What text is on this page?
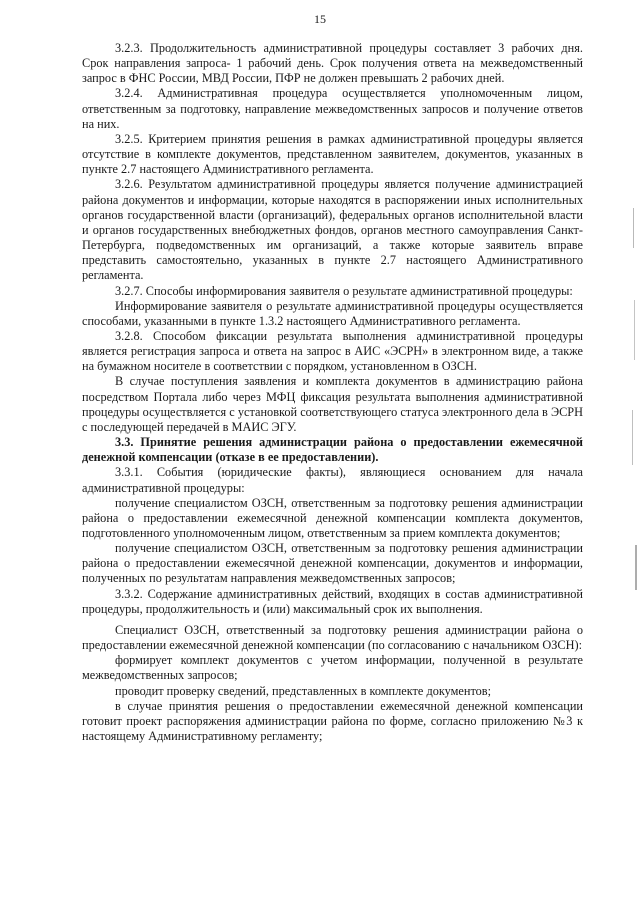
15

3.2.3. Продолжительность административной процедуры составляет 3 рабочих дня. Срок направления запроса- 1 рабочий день. Срок получения ответа на межведомственный запрос в ФНС России, МВД России, ПФР не должен превышать 2 рабочих дней.

3.2.4. Административная процедура осуществляется уполномоченным лицом, ответственным за подготовку, направление межведомственных запросов и получение ответов на них.

3.2.5. Критерием принятия решения в рамках административной процедуры является отсутствие в комплекте документов, представленном заявителем, документов, указанных в пункте 2.7 настоящего Административного регламента.

3.2.6. Результатом административной процедуры является получение администрацией района документов и информации, которые находятся в распоряжении иных исполнительных органов государственной власти (организаций), федеральных органов исполнительной власти и органов государственных внебюджетных фондов, органов местного самоуправления Санкт-Петербурга, подведомственных им организаций, а также которые заявитель вправе представить самостоятельно, указанных в пункте 2.7 настоящего Административного регламента.

3.2.7. Способы информирования заявителя о результате административной процедуры:

Информирование заявителя о результате административной процедуры осуществляется способами, указанными в пункте 1.3.2 настоящего Административного регламента.

3.2.8. Способом фиксации результата выполнения административной процедуры является регистрация запроса и ответа на запрос в АИС «ЭСРН» в электронном виде, а также на бумажном носителе в соответствии с порядком, установленном в ОЗСН.

В случае поступления заявления и комплекта документов в администрацию района посредством Портала либо через МФЦ фиксация результата выполнения административной процедуры осуществляется с установкой соответствующего статуса электронного дела в ЭСРН с последующей передачей в МАИС ЭГУ.

3.3. Принятие решения администрации района о предоставлении ежемесячной денежной компенсации (отказе в ее предоставлении).

3.3.1. События (юридические факты), являющиеся основанием для начала административной процедуры:

получение специалистом ОЗСН, ответственным за подготовку решения администрации района о предоставлении ежемесячной денежной компенсации комплекта документов, подготовленного уполномоченным лицом, ответственным за прием комплекта документов;

получение специалистом ОЗСН, ответственным за подготовку решения администрации района о предоставлении ежемесячной денежной компенсации, документов и информации, полученных по результатам направления межведомственных запросов;

3.3.2. Содержание административных действий, входящих в состав административной процедуры, продолжительность и (или) максимальный срок их выполнения.

Специалист ОЗСН, ответственный за подготовку решения администрации района о предоставлении ежемесячной денежной компенсации (по согласованию с начальником ОЗСН):

формирует комплект документов с учетом информации, полученной в результате межведомственных запросов;

проводит проверку сведений, представленных в комплекте документов;

в случае принятия решения о предоставлении ежемесячной денежной компенсации готовит проект распоряжения администрации района по форме, согласно приложению №3 к настоящему Административному регламенту;
